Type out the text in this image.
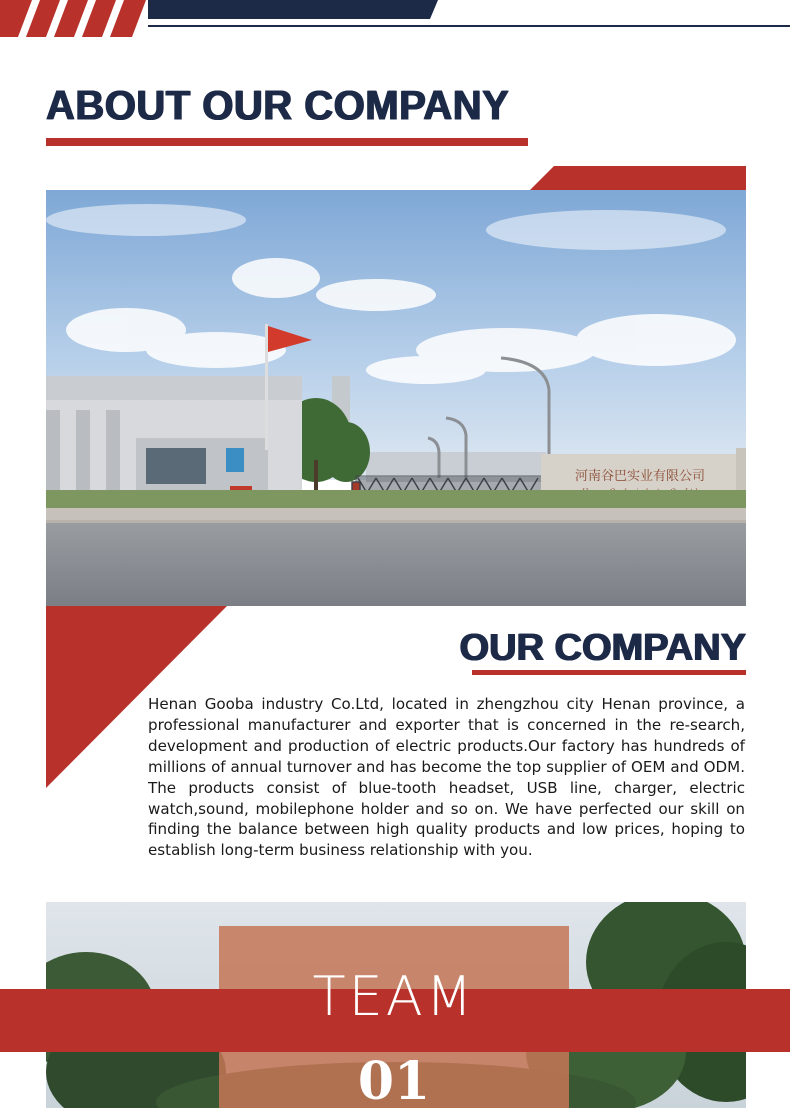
ABOUT OUR COMPANY
河南谷巴实业有限公司
OUR COMPANY

Henan Gooba industry Co.Ltd, located in zhengzhou city Henan province, a professional manufacturer and exporter that is concerned in the re-search, development and production of electric products.Our factory has hundreds of millions of annual turnover and has become the top supplier of OEM and ODM. The products consist of blue-tooth headset, USB line, charger, electric watch,sound, mobilephone holder and so on. We have perfected our skill on finding the balance between high quality products and low prices, hoping to establish long-term business relationship with you.

TEAM
01
